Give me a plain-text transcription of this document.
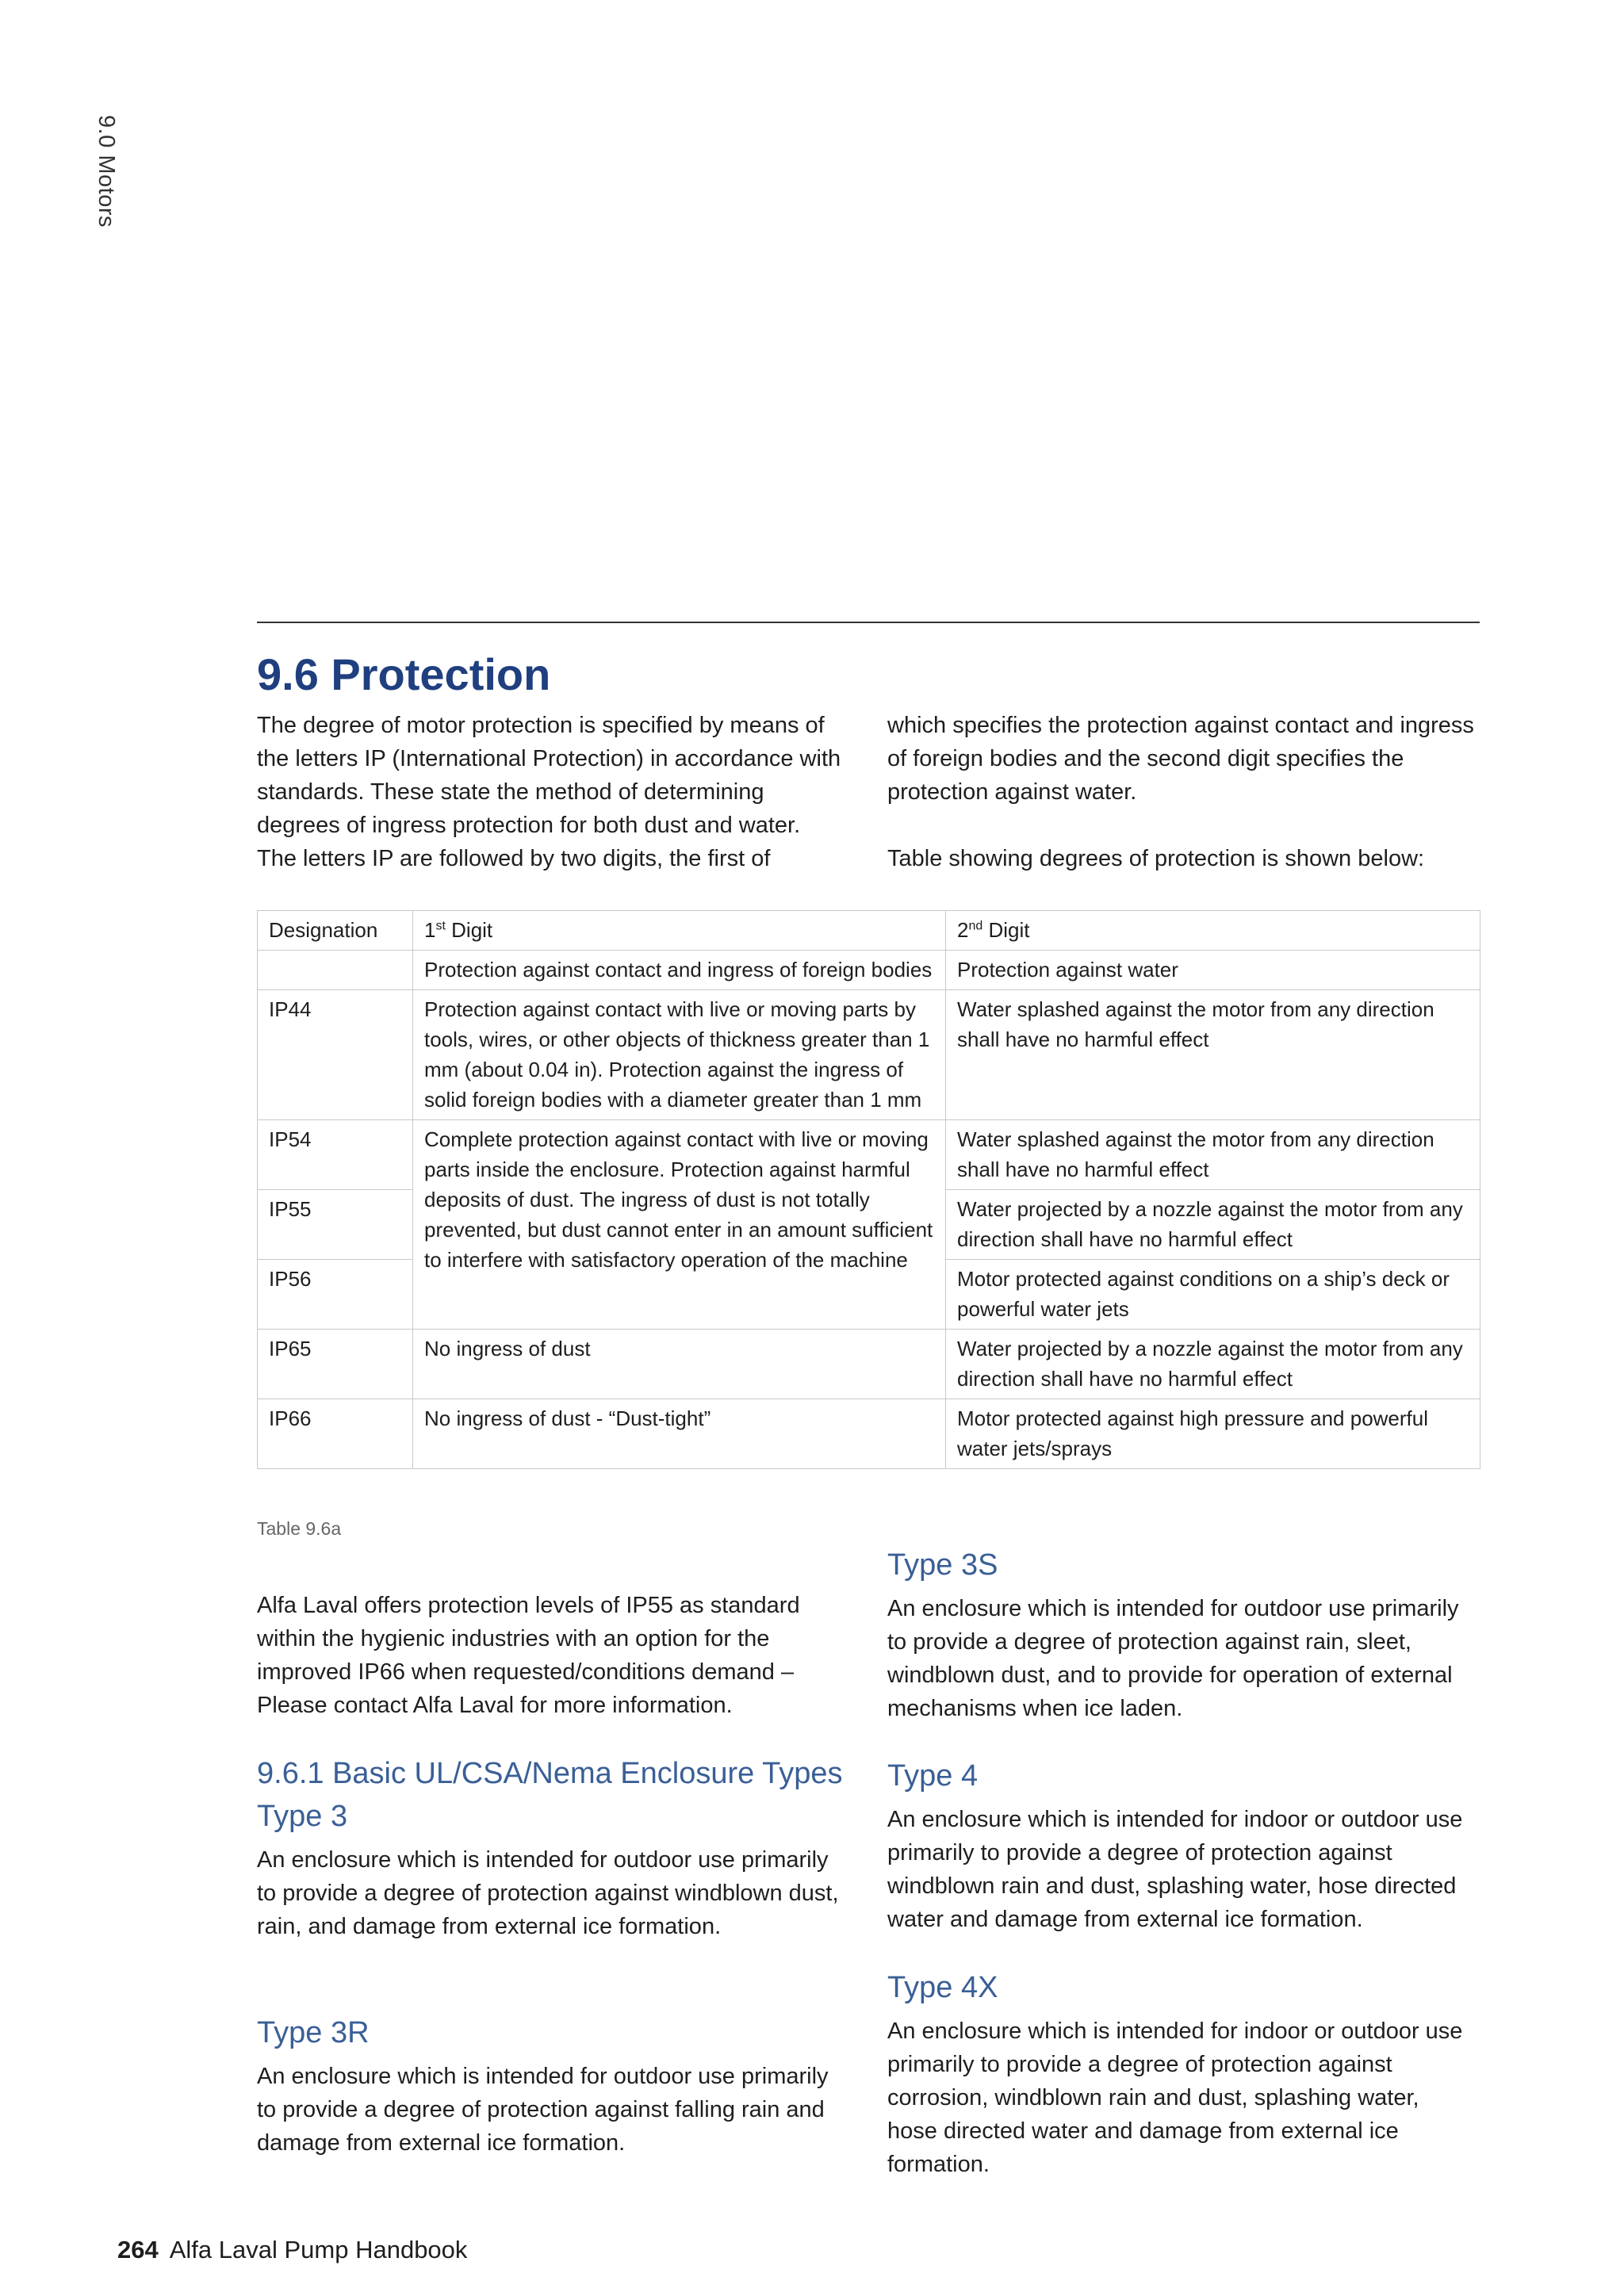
9.0 Motors
9.6 Protection

The degree of motor protection is specified by means of the letters IP (International Protection) in accordance with standards. These state the method of determining degrees of ingress protection for both dust and water. The letters IP are followed by two digits, the first of

which specifies the protection against contact and ingress of foreign bodies and the second digit specifies the protection against water.

Table showing degrees of protection is shown below:

Designation	1st Digit	2nd Digit
	Protection against contact and ingress of foreign bodies	Protection against water
IP44	Protection against contact with live or moving parts by tools, wires, or other objects of thickness greater than 1 mm (about 0.04 in). Protection against the ingress of solid foreign bodies with a diameter greater than 1 mm	Water splashed against the motor from any direction shall have no harmful effect
IP54	Complete protection against contact with live or moving parts inside the enclosure. Protection against harmful deposits of dust. The ingress of dust is not totally prevented, but dust cannot enter in an amount sufficient to interfere with satisfactory operation of the machine	Water splashed against the motor from any direction shall have no harmful effect
IP55		Water projected by a nozzle against the motor from any direction shall have no harmful effect
IP56		Motor protected against conditions on a ship’s deck or powerful water jets
IP65	No ingress of dust	Water projected by a nozzle against the motor from any direction shall have no harmful effect
IP66	No ingress of dust - “Dust-tight”	Motor protected against high pressure and powerful water jets/sprays
Table 9.6a

Alfa Laval offers protection levels of IP55 as standard within the hygienic industries with an option for the improved IP66 when requested/conditions demand – Please contact Alfa Laval for more information.

9.6.1 Basic UL/CSA/Nema Enclosure Types
Type 3

An enclosure which is intended for outdoor use primarily to provide a degree of protection against windblown dust, rain, and damage from external ice formation.

Type 3R

An enclosure which is intended for outdoor use primarily to provide a degree of protection against falling rain and damage from external ice formation.

Type 3S

An enclosure which is intended for outdoor use primarily to provide a degree of protection against rain, sleet, windblown dust, and to provide for operation of external mechanisms when ice laden.

Type 4

An enclosure which is intended for indoor or outdoor use primarily to provide a degree of protection against windblown rain and dust, splashing water, hose directed water and damage from external ice formation.

Type 4X

An enclosure which is intended for indoor or outdoor use primarily to provide a degree of protection against corrosion, windblown rain and dust, splashing water, hose directed water and damage from external ice formation.

264 Alfa Laval Pump Handbook
